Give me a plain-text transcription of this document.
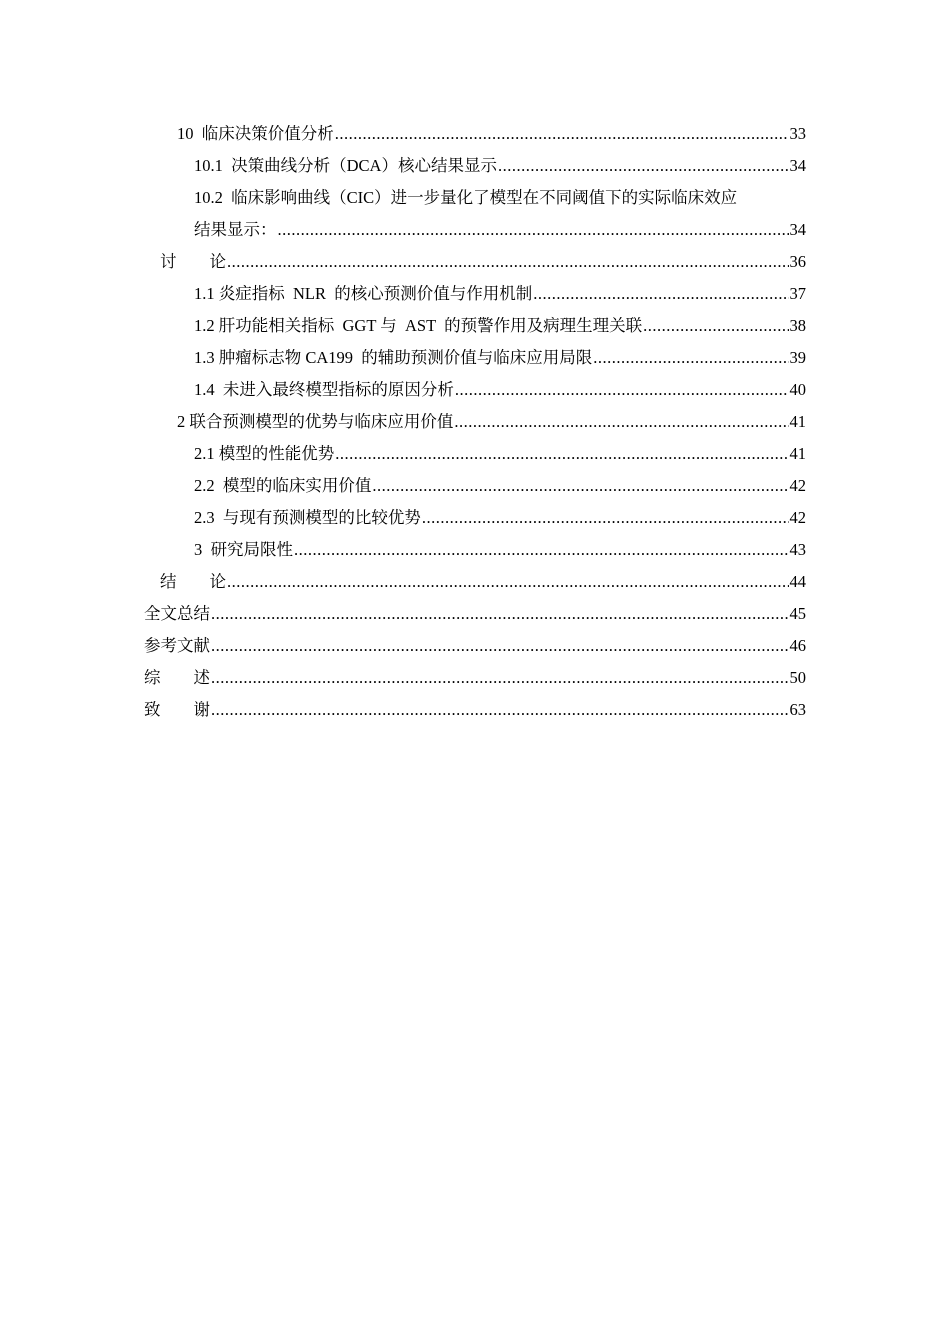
10  临床决策价值分析 .....	33
10.1  决策曲线分析（DCA）核心结果显示 .....	34
10.2  临床影响曲线（CIC）进一步量化了模型在不同阈值下的实际临床效应
结果显示： .....	34
讨        论 .....	36
1.1 炎症指标  NLR  的核心预测价值与作用机制 .....	37
1.2 肝功能相关指标  GGT 与  AST  的预警作用及病理生理关联 .....	38
1.3 肿瘤标志物 CA199  的辅助预测价值与临床应用局限 .....	39
1.4  未进入最终模型指标的原因分析 .....	40
2 联合预测模型的优势与临床应用价值 .....	41
2.1 模型的性能优势 .....	41
2.2  模型的临床实用价值 .....	42
2.3  与现有预测模型的比较优势 .....	42
3  研究局限性 .....	43
结        论 .....	44
全文总结 .....	45
参考文献 .....	46
综        述 .....	50
致        谢 .....	63
